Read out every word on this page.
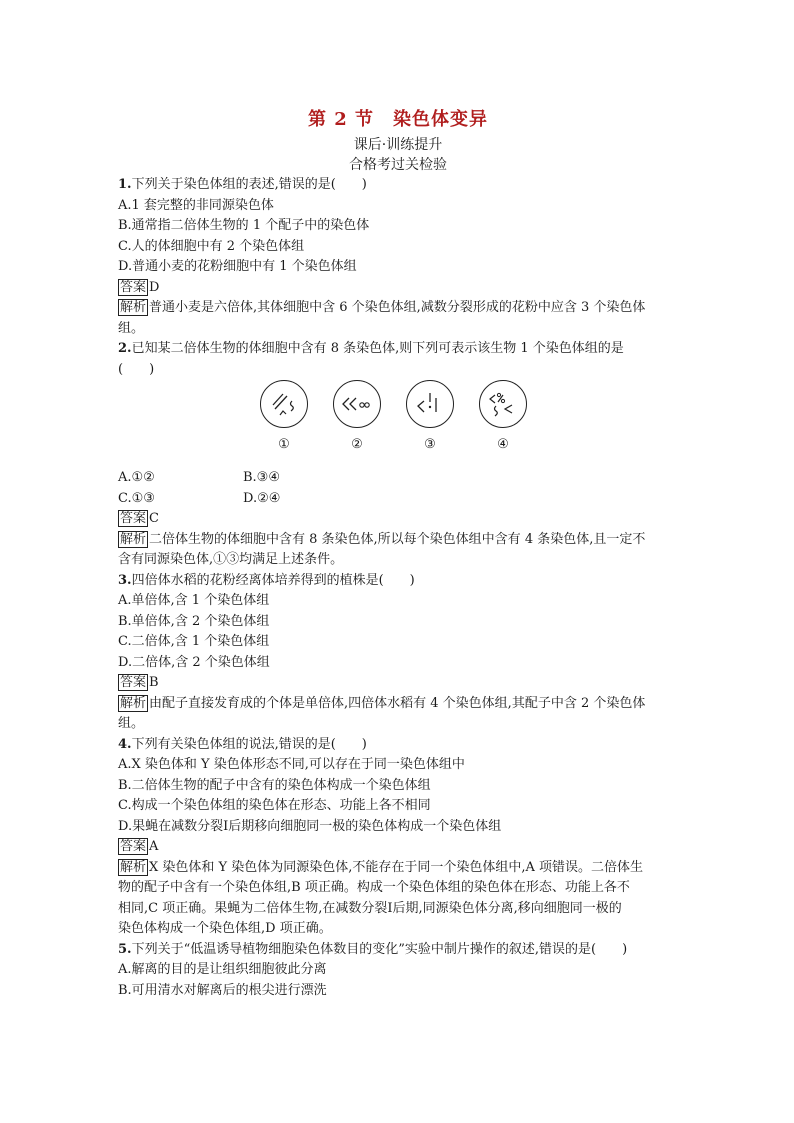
第 2 节　染色体变异
课后·训练提升
合格考过关检验
1.下列关于染色体组的表述,错误的是(　　)
A.1 套完整的非同源染色体
B.通常指二倍体生物的 1 个配子中的染色体
C.人的体细胞中有 2 个染色体组
D.普通小麦的花粉细胞中有 1 个染色体组
答案 D
解析 普通小麦是六倍体,其体细胞中含 6 个染色体组,减数分裂形成的花粉中应含 3 个染色体
组。
2.已知某二倍体生物的体细胞中含有 8 条染色体,则下列可表示该生物 1 个染色体组的是
(　　)
①	②	③	④
A.①②	B.③④
C.①③	D.②④
答案 C
解析 二倍体生物的体细胞中含有 8 条染色体,所以每个染色体组中含有 4 条染色体,且一定不
含有同源染色体,①③均满足上述条件。
3.四倍体水稻的花粉经离体培养得到的植株是(　　)
A.单倍体,含 1 个染色体组
B.单倍体,含 2 个染色体组
C.二倍体,含 1 个染色体组
D.二倍体,含 2 个染色体组
答案 B
解析 由配子直接发育成的个体是单倍体,四倍体水稻有 4 个染色体组,其配子中含 2 个染色体
组。
4.下列有关染色体组的说法,错误的是(　　)
A.X 染色体和 Y 染色体形态不同,可以存在于同一染色体组中
B.二倍体生物的配子中含有的染色体构成一个染色体组
C.构成一个染色体组的染色体在形态、功能上各不相同
D.果蝇在减数分裂Ⅰ后期移向细胞同一极的染色体构成一个染色体组
答案 A
解析 X 染色体和 Y 染色体为同源染色体,不能存在于同一个染色体组中,A 项错误。二倍体生
物的配子中含有一个染色体组,B 项正确。构成一个染色体组的染色体在形态、功能上各不
相同,C 项正确。果蝇为二倍体生物,在减数分裂Ⅰ后期,同源染色体分离,移向细胞同一极的
染色体构成一个染色体组,D 项正确。
5.下列关于“低温诱导植物细胞染色体数目的变化”实验中制片操作的叙述,错误的是(　　)
A.解离的目的是让组织细胞彼此分离
B.可用清水对解离后的根尖进行漂洗
